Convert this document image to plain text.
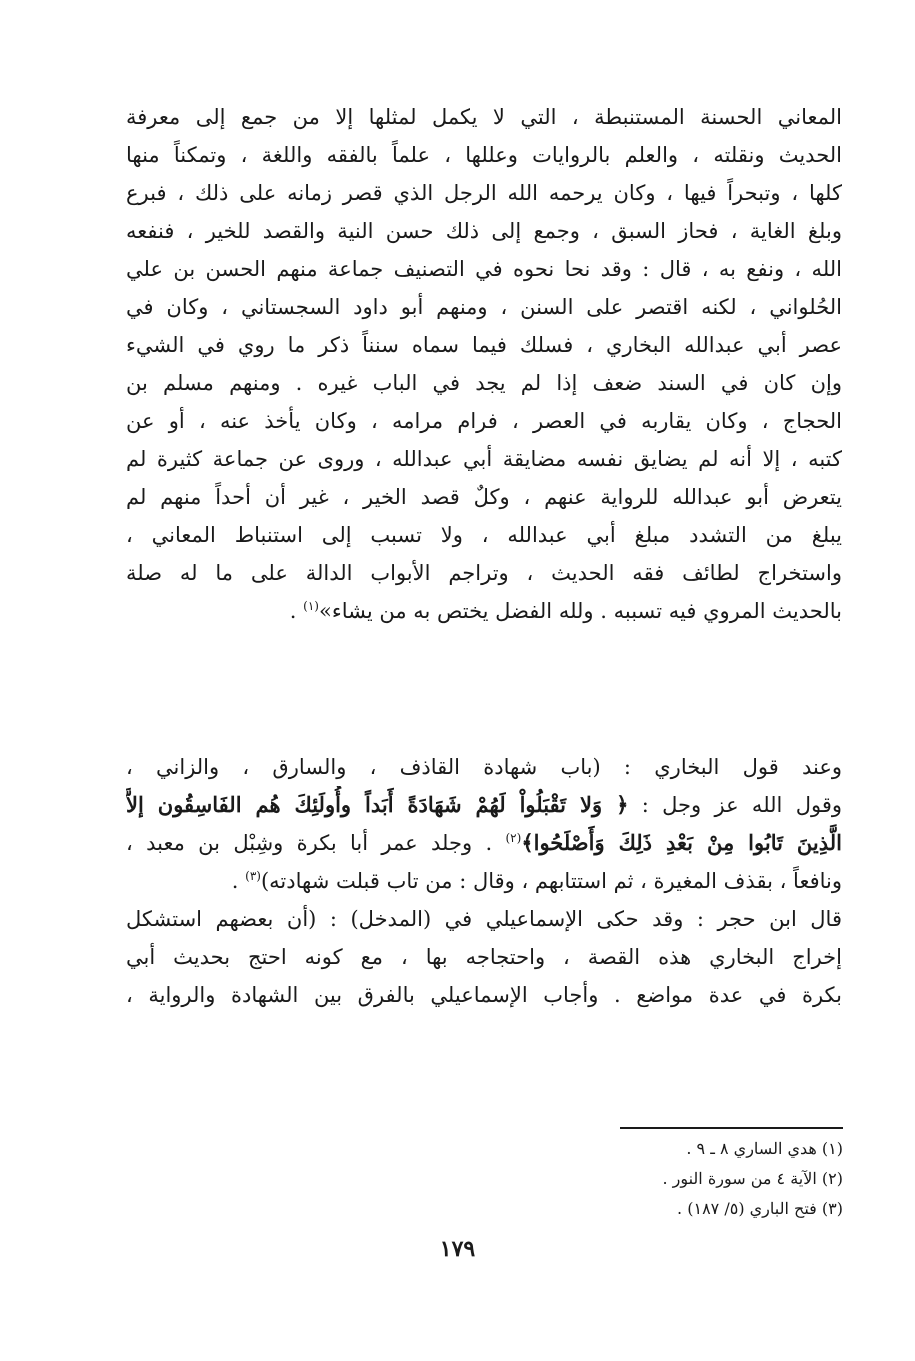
المعاني الحسنة المستنبطة ، التي لا يكمل لمثلها إلا من جمع إلى معرفة
الحديث ونقلته ، والعلم بالروايات وعللها ، علماً بالفقه واللغة ، وتمكناً منها
كلها ، وتبحراً فيها ، وكان يرحمه الله الرجل الذي قصر زمانه على ذلك ، فبرع
وبلغ الغاية ، فحاز السبق ، وجمع إلى ذلك حسن النية والقصد للخير ، فنفعه
الله ، ونفع به ، قال : وقد نحا نحوه في التصنيف جماعة منهم الحسن بن علي
الحُلواني ، لكنه اقتصر على السنن ، ومنهم أبو داود السجستاني ، وكان في
عصر أبي عبدالله البخاري ، فسلك فيما سماه سنناً ذكر ما روي في الشيء
وإن كان في السند ضعف إذا لم يجد في الباب غيره . ومنهم مسلم بن
الحجاج ، وكان يقاربه في العصر ، فرام مرامه ، وكان يأخذ عنه ، أو عن
كتبه ، إلا أنه لم يضايق نفسه مضايقة أبي عبدالله ، وروى عن جماعة كثيرة لم
يتعرض أبو عبدالله للرواية عنهم ، وكلٌ قصد الخير ، غير أن أحداً منهم لم
يبلغ من التشدد مبلغ أبي عبدالله ، ولا تسبب إلى استنباط المعاني ،
واستخراج لطائف فقه الحديث ، وتراجم الأبواب الدالة على ما له صلة
بالحديث المروي فيه تسببه . ولله الفضل يختص به من يشاء»$^{(١)}$ .
وعند قول البخاري : (باب شهادة القاذف ، والسارق ، والزاني ،
وقول الله عز وجل : ﴿ وَلا تَقْبَلُواْ لَهُمْ شَهَادَةً أَبَداً وأُولَئِكَ هُم الفَاسِقُون إلاَّ
الَّذِينَ تَابُوا مِنْ بَعْدِ ذَلِكَ وَأَصْلَحُوا﴾$^{(٢)}$ . وجلد عمر أبا بكرة وشِبْل بن معبد ،
ونافعاً ، بقذف المغيرة ، ثم استتابهم ، وقال : من تاب قبلت شهادته)$^{(٣)}$ .
قال ابن حجر : وقد حكى الإسماعيلي في (المدخل) : (أن بعضهم استشكل
إخراج البخاري هذه القصة ، واحتجاجه بها ، مع كونه احتج بحديث أبي
بكرة في عدة مواضع . وأجاب الإسماعيلي بالفرق بين الشهادة والرواية ،
(١) هدي الساري ٨ ـ ٩ .
(٢) الآية ٤ من سورة النور .
(٣) فتح الباري (٥/ ١٨٧) .
١٧٩
